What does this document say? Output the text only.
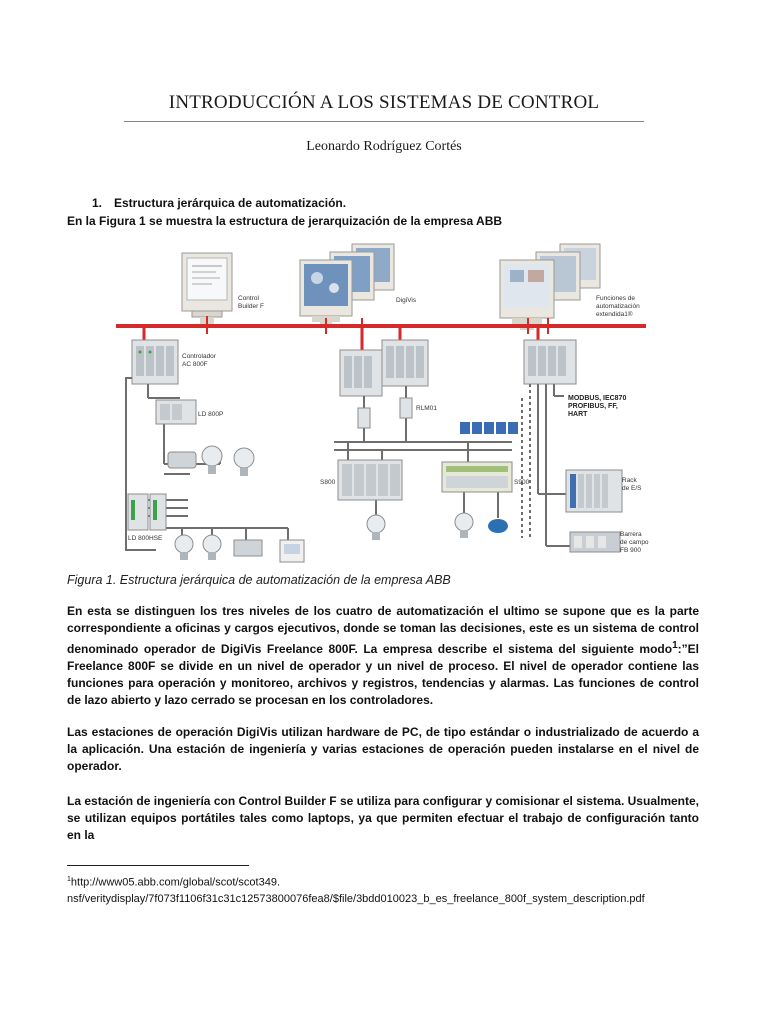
INTRODUCCIÓN A LOS SISTEMAS DE CONTROL
Leonardo Rodríguez Cortés
1. Estructura jerárquica de automatización.
En la Figura 1 se muestra la estructura de jerarquización de la empresa ABB
Control
Builder F
DigiVis	Funciones de
automatización
extendida1®
Controlador
AC 800F
LD 800P
RLM01
S800	S900	Rack
de E/S
LD 800HSE
Barrera
de campo
FB 900
MODBUS, IEC870
PROFIBUS, FF,
HART
Figura 1. Estructura jerárquica de automatización de la empresa ABB

En esta se distinguen los tres niveles de los cuatro de automatización el ultimo se supone que es la parte correspondiente a oficinas y cargos ejecutivos, donde se toman las decisiones, este es un sistema de control denominado operador de DigiVis Freelance 800F. La empresa describe el sistema del siguiente modo$^1$:”El Freelance 800F se divide en un nivel de operador y un nivel de proceso. El nivel de operador contiene las funciones para operación y monitoreo, archivos y registros, tendencias y alarmas. Las funciones de control de lazo abierto y lazo cerrado se procesan en los controladores.

Las estaciones de operación DigiVis utilizan hardware de PC, de tipo estándar o industrializado de acuerdo a la aplicación. Una estación de ingeniería y varias estaciones de operación pueden instalarse en el nivel de operador.

La estación de ingeniería con Control Builder F se utiliza para configurar y comisionar el sistema. Usualmente, se utilizan equipos portátiles tales como laptops, ya que permiten efectuar el trabajo de configuración tanto en la

$^1$http://www05.abb.com/global/scot/scot349. nsf/veritydisplay/7f073f1106f31c31c12573800076fea8/$file/3bdd010023_b_es_freelance_800f_system_description.pdf
